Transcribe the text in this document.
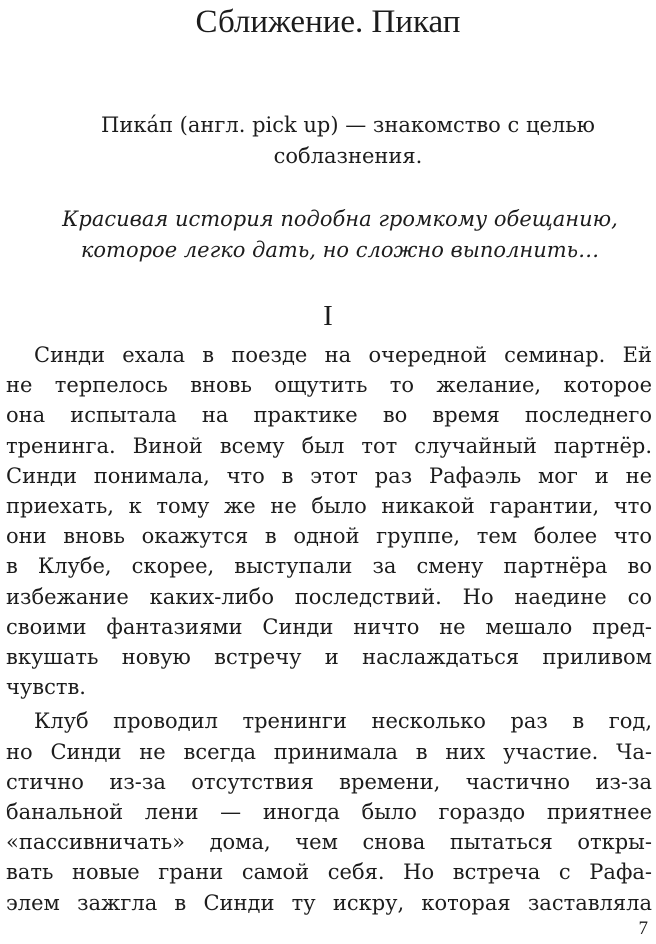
Сближение. Пикап

Пика́п (англ. pick up) — знакомство с целью соблазнения.

Красивая история подобна громкому обещанию,
которое легко дать, но сложно выполнить…
I

Синди ехала в поезде на очередной семинар. Ей
не терпелось вновь ощутить то желание, которое
она испытала на практике во время последнего
тренинга. Виной всему был тот случайный партнёр.
Синди понимала, что в этот раз Рафаэль мог и не
приехать, к тому же не было никакой гарантии, что
они вновь окажутся в одной группе, тем более что
в Клубе, скорее, выступали за смену партнёра во
избежание каких-либо последствий. Но наедине со
своими фантазиями Синди ничто не мешало пред-
вкушать новую встречу и наслаждаться приливом
чувств.

Клуб проводил тренинги несколько раз в год,
но Синди не всегда принимала в них участие. Ча-
стично из-за отсутствия времени, частично из-за
банальной лени — иногда было гораздо приятнее
«пассивничать» дома, чем снова пытаться откры-
вать новые грани самой себя. Но встреча с Рафа-
элем зажгла в Синди ту искру, которая заставляла

7
